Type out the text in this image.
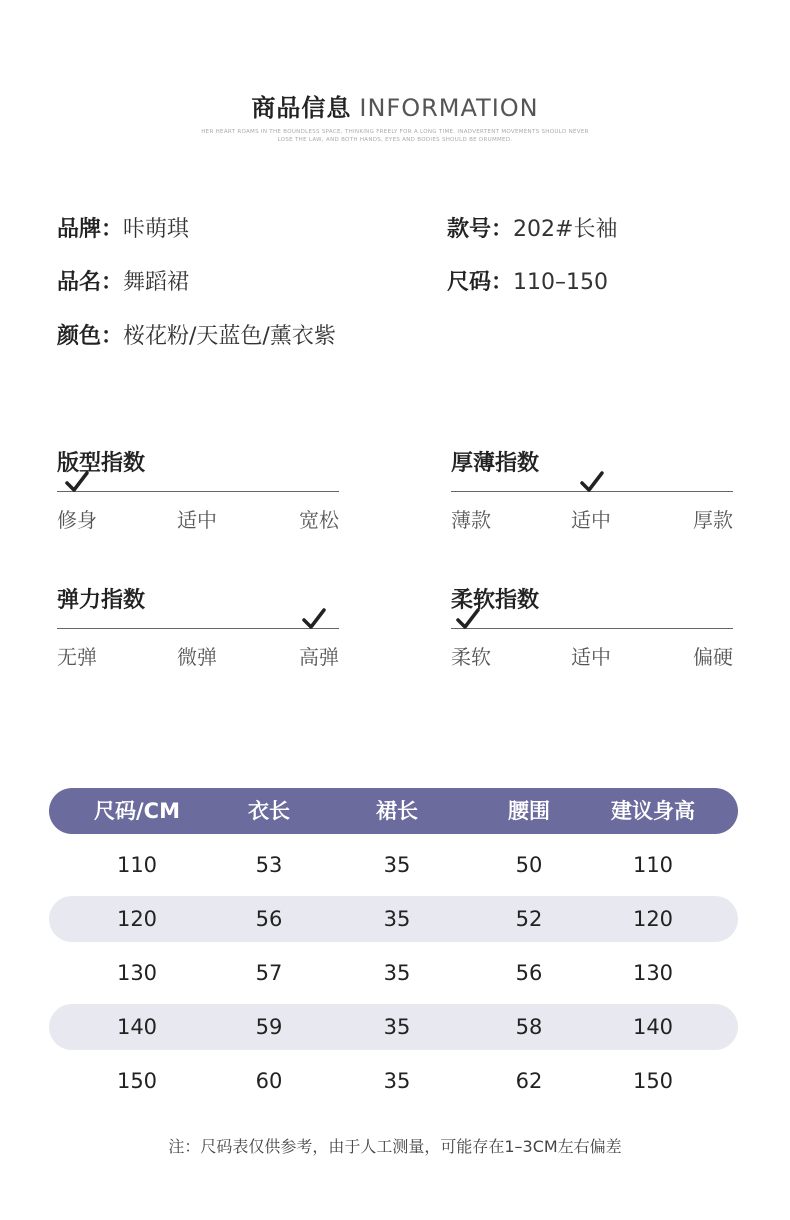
商品信息 INFORMATION
HER HEART ROAMS IN THE BOUNDLESS SPACE, THINKING FREELY FOR A LONG TIME. INADVERTENT MOVEMENTS SHOULD NEVER
LOSE THE LAW, AND BOTH HANDS, EYES AND BODIES SHOULD BE DRUMMED.
品牌：咔萌琪	款号：202#长袖
品名：舞蹈裙	尺码：110–150
颜色：桜花粉/天蓝色/薰衣紫
版型指数
修身	适中	宽松
厚薄指数
薄款	适中	厚款
弹力指数
无弹	微弹	高弹
柔软指数
柔软	适中	偏硬
尺码/CM	衣长	裙长	腰围	建议身高
110	53	35	50	110
120	56	35	52	120
130	57	35	56	130
140	59	35	58	140
150	60	35	62	150
注：尺码表仅供参考，由于人工测量，可能存在1–3CM左右偏差
